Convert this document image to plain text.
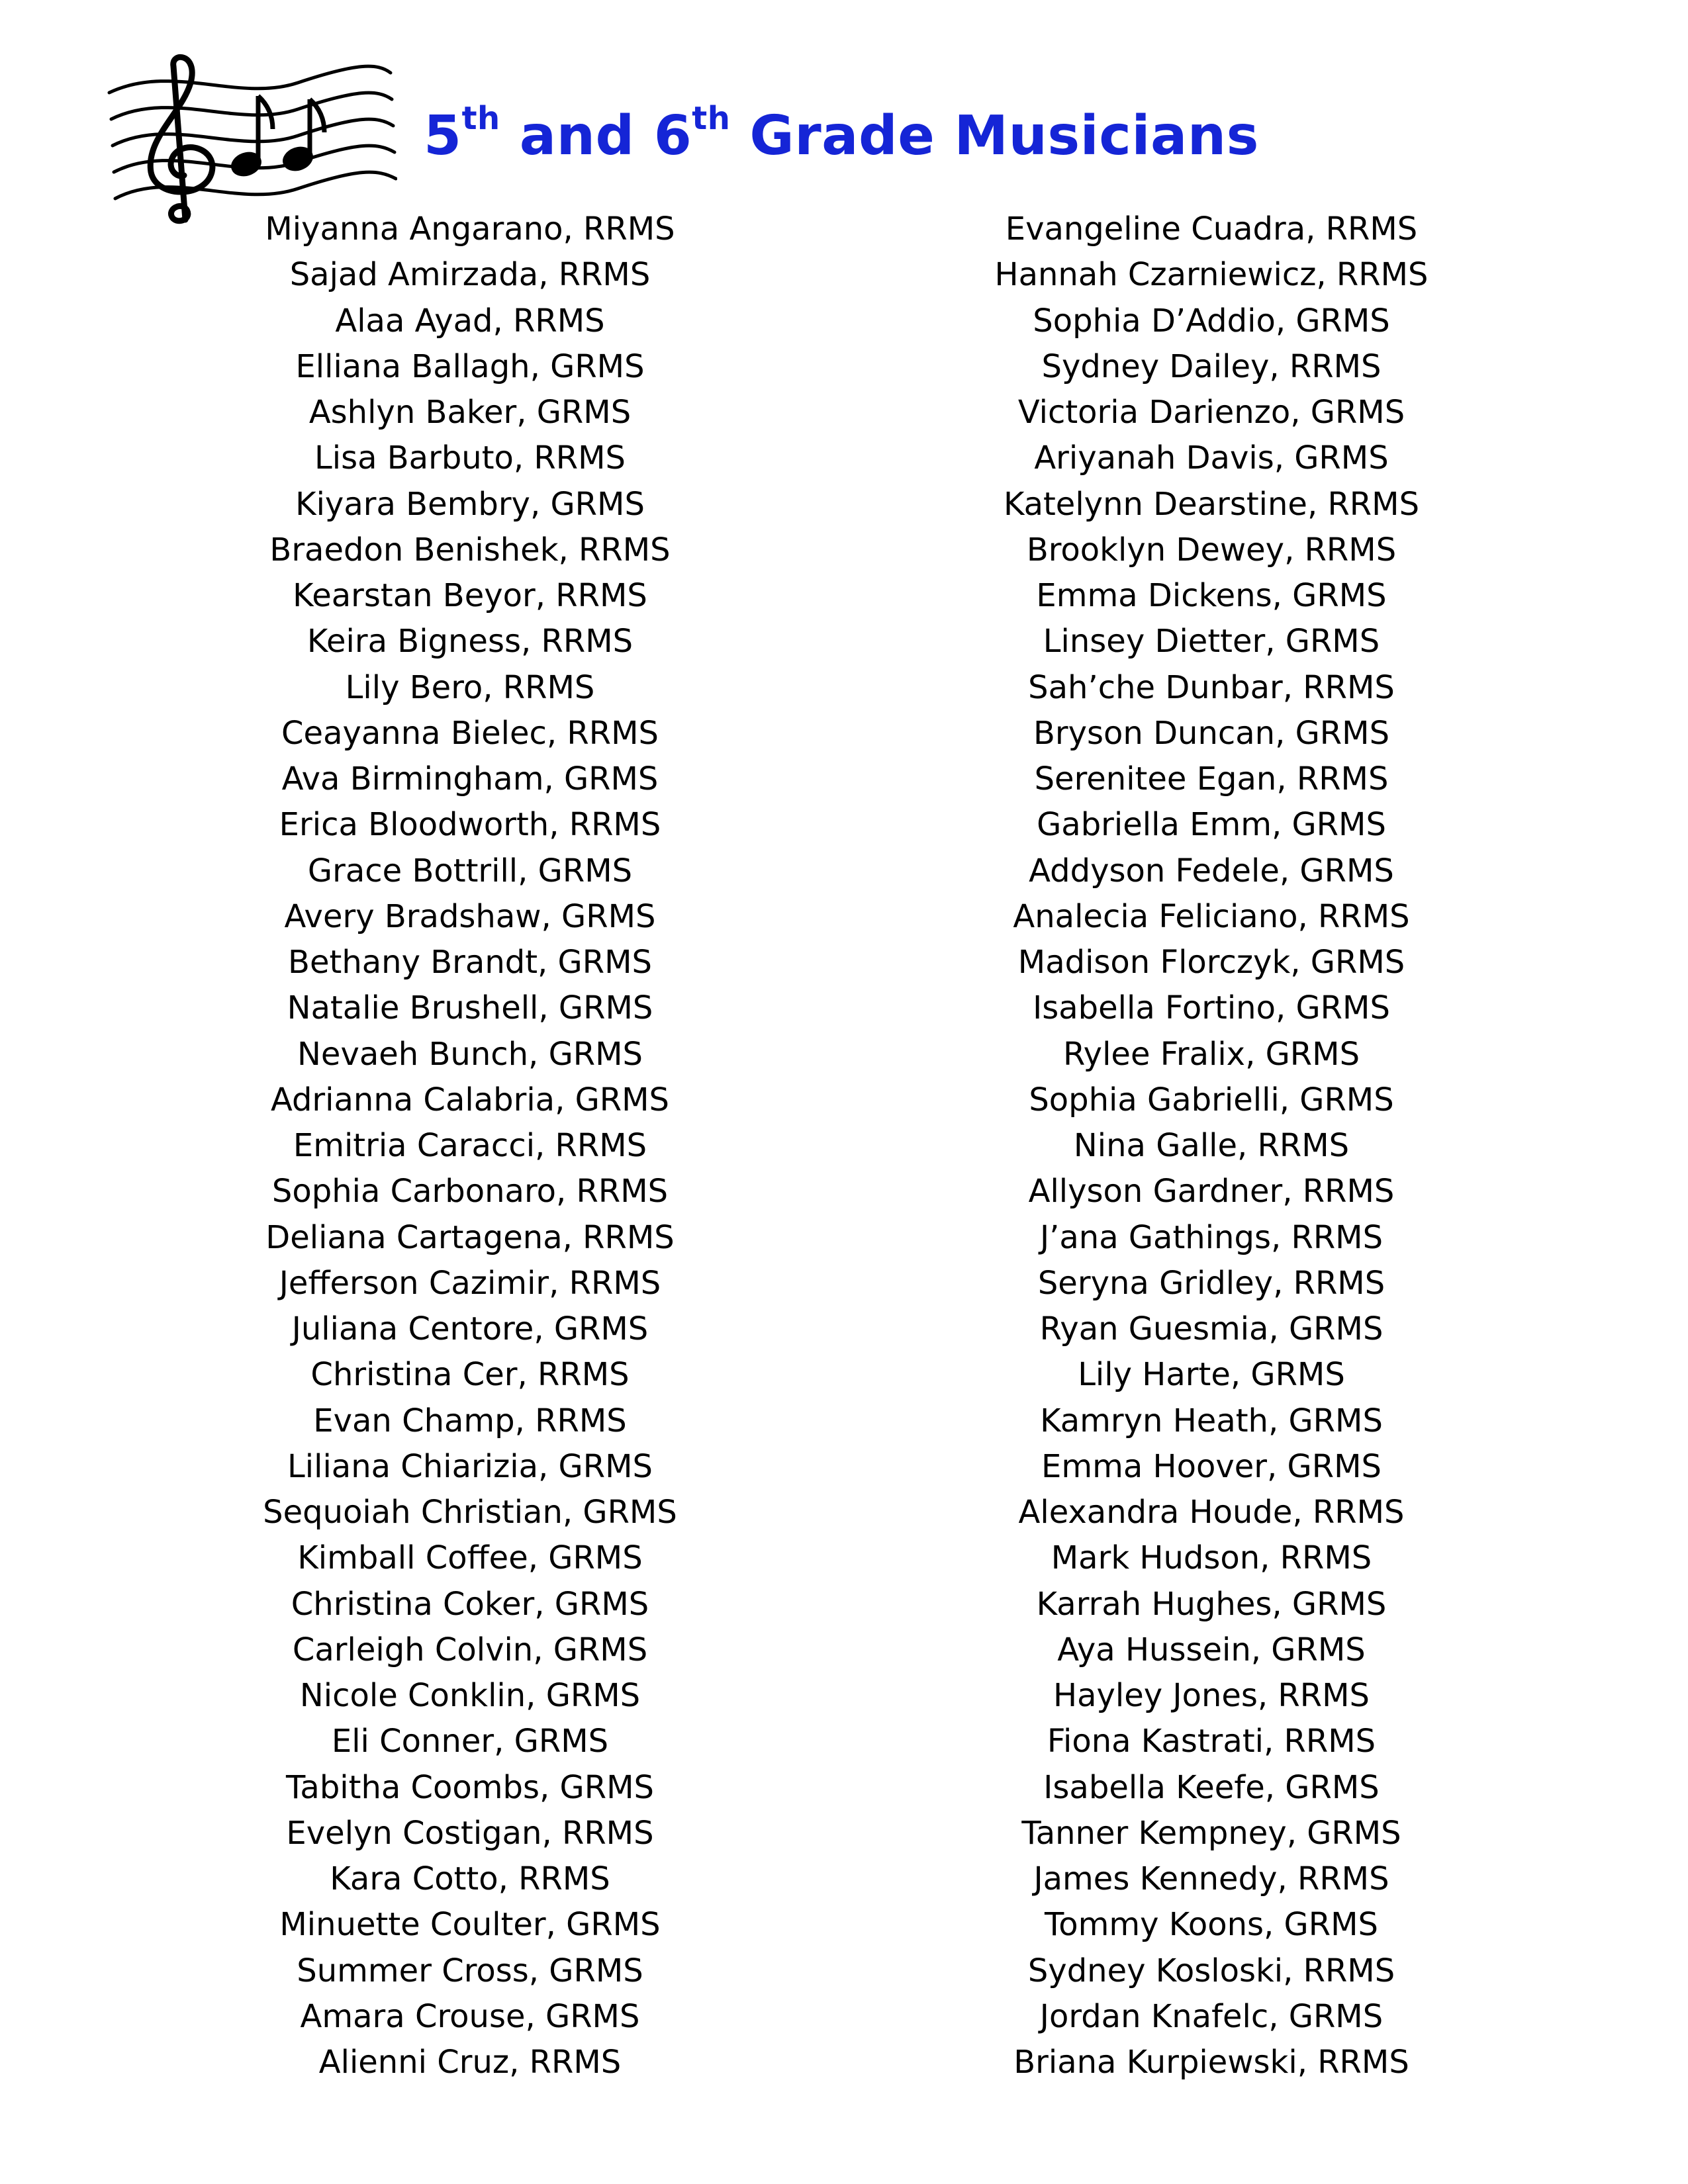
5th and 6th Grade Musicians
Miyanna Angarano, RRMS
Sajad Amirzada, RRMS
Alaa Ayad, RRMS
Elliana Ballagh, GRMS
Ashlyn Baker, GRMS
Lisa Barbuto, RRMS
Kiyara Bembry, GRMS
Braedon Benishek, RRMS
Kearstan Beyor, RRMS
Keira Bigness, RRMS
Lily Bero, RRMS
Ceayanna Bielec, RRMS
Ava Birmingham, GRMS
Erica Bloodworth, RRMS
Grace Bottrill, GRMS
Avery Bradshaw, GRMS
Bethany Brandt, GRMS
Natalie Brushell, GRMS
Nevaeh Bunch, GRMS
Adrianna Calabria, GRMS
Emitria Caracci, RRMS
Sophia Carbonaro, RRMS
Deliana Cartagena, RRMS
Jefferson Cazimir, RRMS
Juliana Centore, GRMS
Christina Cer, RRMS
Evan Champ, RRMS
Liliana Chiarizia, GRMS
Sequoiah Christian, GRMS
Kimball Coffee, GRMS
Christina Coker, GRMS
Carleigh Colvin, GRMS
Nicole Conklin, GRMS
Eli Conner, GRMS
Tabitha Coombs, GRMS
Evelyn Costigan, RRMS
Kara Cotto, RRMS
Minuette Coulter, GRMS
Summer Cross, GRMS
Amara Crouse, GRMS
Alienni Cruz, RRMS
Evangeline Cuadra, RRMS
Hannah Czarniewicz, RRMS
Sophia D’Addio, GRMS
Sydney Dailey, RRMS
Victoria Darienzo, GRMS
Ariyanah Davis, GRMS
Katelynn Dearstine, RRMS
Brooklyn Dewey, RRMS
Emma Dickens, GRMS
Linsey Dietter, GRMS
Sah’che Dunbar, RRMS
Bryson Duncan, GRMS
Serenitee Egan, RRMS
Gabriella Emm, GRMS
Addyson Fedele, GRMS
Analecia Feliciano, RRMS
Madison Florczyk, GRMS
Isabella Fortino, GRMS
Rylee Fralix, GRMS
Sophia Gabrielli, GRMS
Nina Galle, RRMS
Allyson Gardner, RRMS
J’ana Gathings, RRMS
Seryna Gridley, RRMS
Ryan Guesmia, GRMS
Lily Harte, GRMS
Kamryn Heath, GRMS
Emma Hoover, GRMS
Alexandra Houde, RRMS
Mark Hudson, RRMS
Karrah Hughes, GRMS
Aya Hussein, GRMS
Hayley Jones, RRMS
Fiona Kastrati, RRMS
Isabella Keefe, GRMS
Tanner Kempney, GRMS
James Kennedy, RRMS
Tommy Koons, GRMS
Sydney Kosloski, RRMS
Jordan Knafelc, GRMS
Briana Kurpiewski, RRMS
